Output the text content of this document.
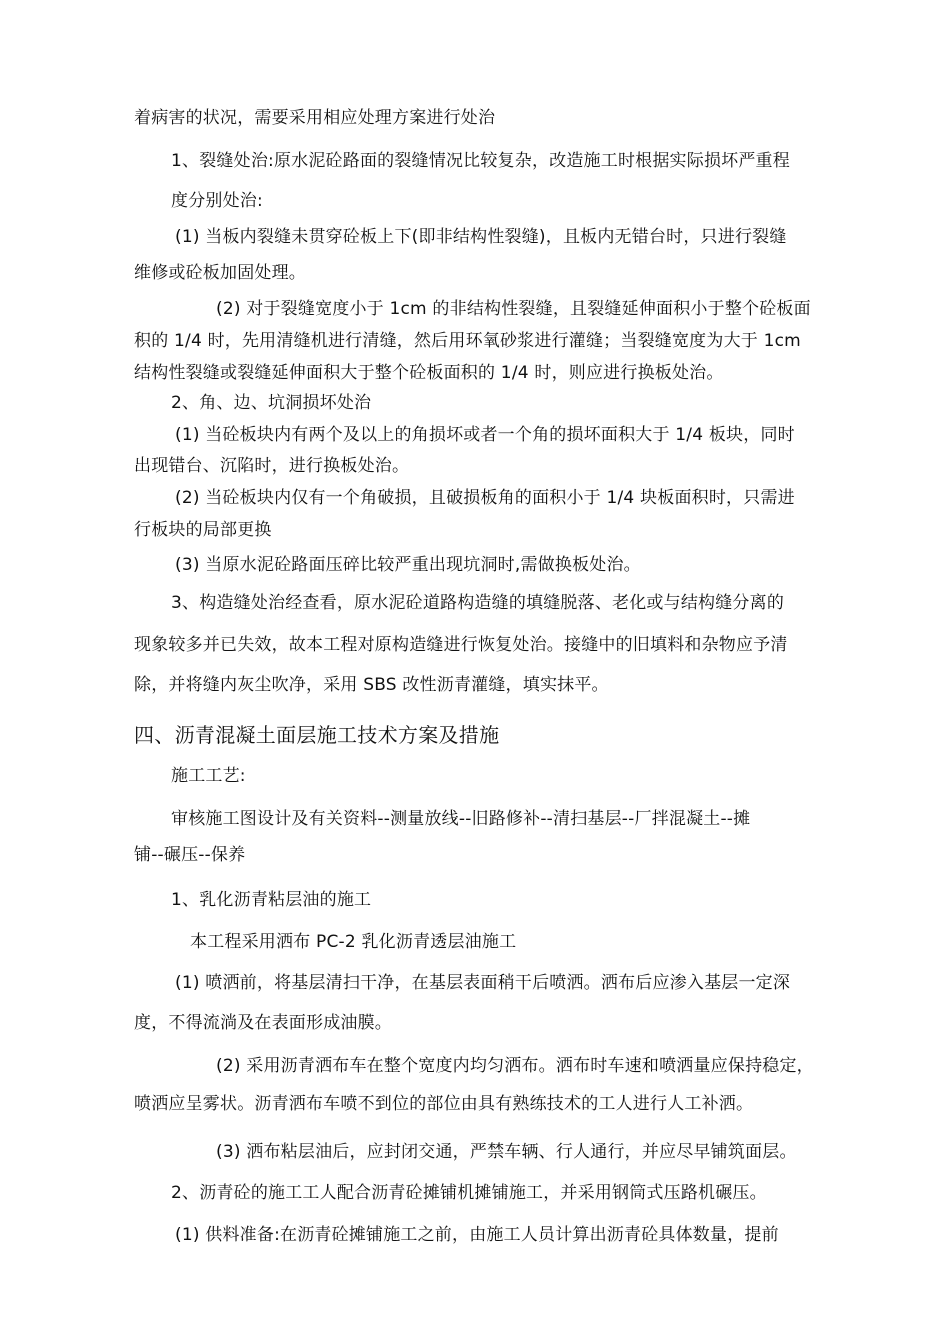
着病害的状况，需要采用相应处理方案进行处治

1、裂缝处治:原水泥砼路面的裂缝情况比较复杂，改造施工时根据实际损坏严重程

度分别处治:

(1) 当板内裂缝未贯穿砼板上下(即非结构性裂缝)，且板内无错台时，只进行裂缝

维修或砼板加固处理。

(2) 对于裂缝宽度小于 1cm 的非结构性裂缝，且裂缝延伸面积小于整个砼板面

积的 1/4 时，先用清缝机进行清缝，然后用环氧砂浆进行灌缝；当裂缝宽度为大于 1cm

结构性裂缝或裂缝延伸面积大于整个砼板面积的 1/4 时，则应进行换板处治。

2、角、边、坑洞损坏处治

(1) 当砼板块内有两个及以上的角损坏或者一个角的损坏面积大于 1/4 板块，同时

出现错台、沉陷时，进行换板处治。

(2) 当砼板块内仅有一个角破损，且破损板角的面积小于 1/4 块板面积时，只需进

行板块的局部更换

(3) 当原水泥砼路面压碎比较严重出现坑洞时,需做换板处治。

3、构造缝处治经查看，原水泥砼道路构造缝的填缝脱落、老化或与结构缝分离的

现象较多并已失效，故本工程对原构造缝进行恢复处治。接缝中的旧填料和杂物应予清

除，并将缝内灰尘吹净，采用 SBS 改性沥青灌缝，填实抹平。

四、沥青混凝土面层施工技术方案及措施

施工工艺:

审核施工图设计及有关资料--测量放线--旧路修补--清扫基层--厂拌混凝土--摊

铺--碾压--保养

1、乳化沥青粘层油的施工

本工程采用洒布 PC-2 乳化沥青透层油施工

(1) 喷洒前，将基层清扫干净，在基层表面稍干后喷洒。洒布后应渗入基层一定深

度，不得流淌及在表面形成油膜。

(2) 采用沥青洒布车在整个宽度内均匀洒布。洒布时车速和喷洒量应保持稳定，

喷洒应呈雾状。沥青洒布车喷不到位的部位由具有熟练技术的工人进行人工补洒。

(3) 洒布粘层油后，应封闭交通，严禁车辆、行人通行，并应尽早铺筑面层。

2、沥青砼的施工工人配合沥青砼摊铺机摊铺施工，并采用钢筒式压路机碾压。

(1) 供料准备:在沥青砼摊铺施工之前，由施工人员计算出沥青砼具体数量，提前
